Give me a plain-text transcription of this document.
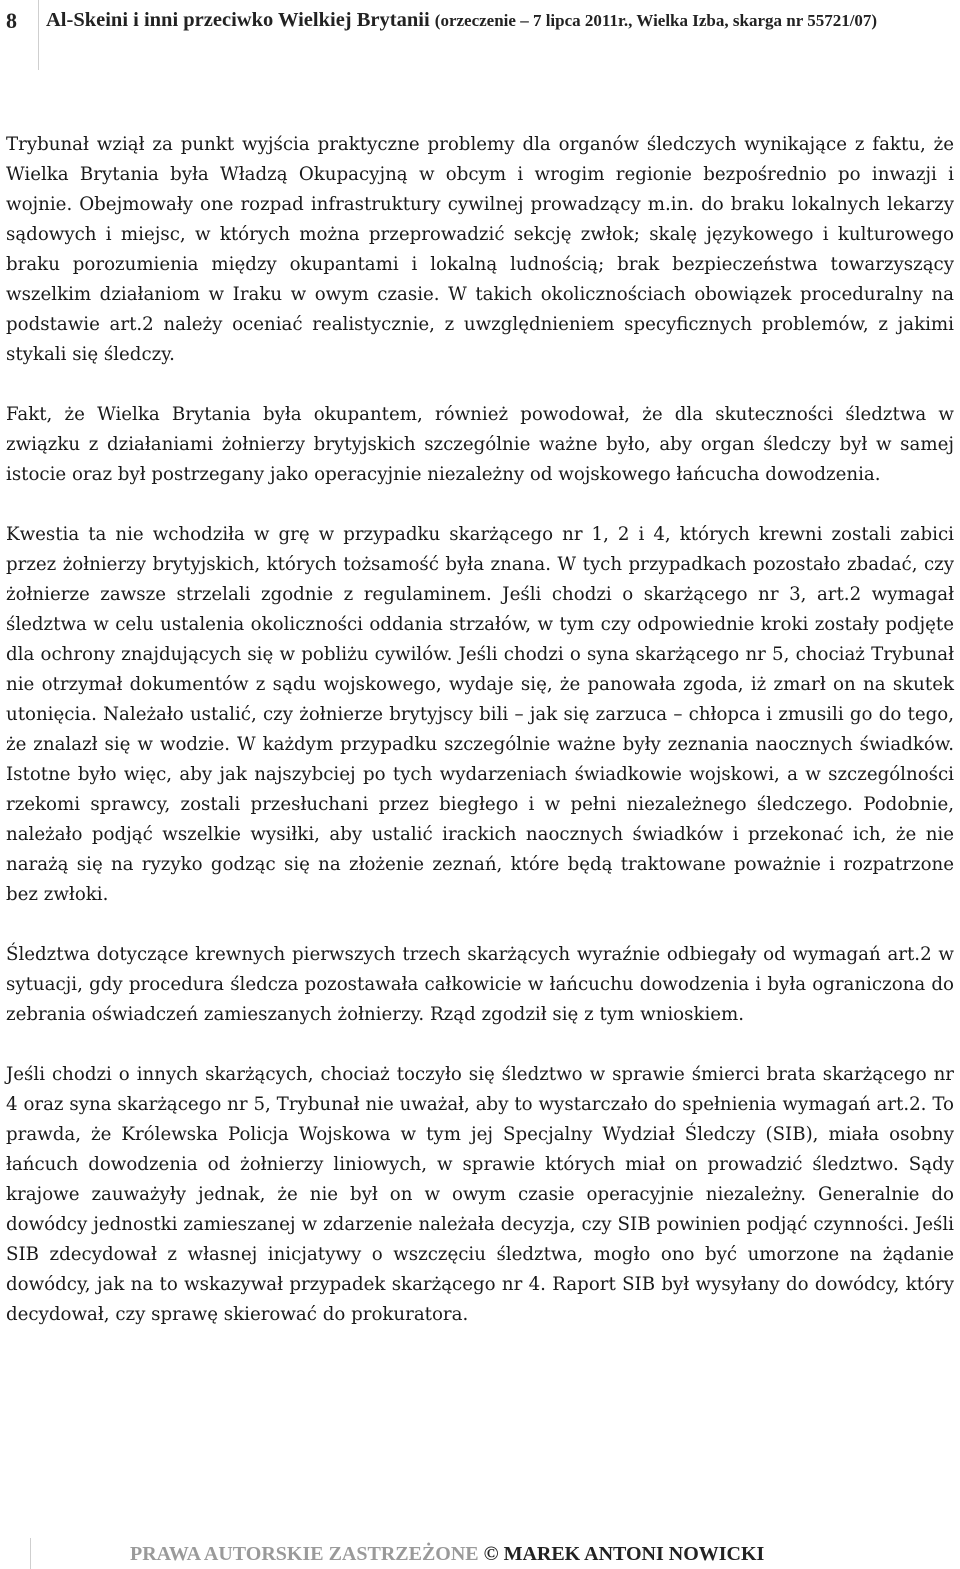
8 Al-Skeini i inni przeciwko Wielkiej Brytanii (orzeczenie – 7 lipca 2011r., Wielka Izba, skarga nr 55721/07)

Trybunał wziął za punkt wyjścia praktyczne problemy dla organów śledczych wynikające z faktu, że Wielka Brytania była Władzą Okupacyjną w obcym i wrogim regionie bezpośrednio po inwazji i wojnie. Obejmowały one rozpad infrastruktury cywilnej prowadzący m.in. do braku lokalnych lekarzy sądowych i miejsc, w których można przeprowadzić sekcję zwłok; skalę językowego i kulturowego braku porozumienia między okupantami i lokalną ludnością; brak bezpieczeństwa towarzyszący wszelkim działaniom w Iraku w owym czasie. W takich okolicznościach obowiązek proceduralny na podstawie art.2 należy oceniać realistycznie, z uwzględnieniem specyficznych problemów, z jakimi stykali się śledczy.

Fakt, że Wielka Brytania była okupantem, również powodował, że dla skuteczności śledztwa w związku z działaniami żołnierzy brytyjskich szczególnie ważne było, aby organ śledczy był w samej istocie oraz był postrzegany jako operacyjnie niezależny od wojskowego łańcucha dowodzenia.

Kwestia ta nie wchodziła w grę w przypadku skarżącego nr 1, 2 i 4, których krewni zostali zabici przez żołnierzy brytyjskich, których tożsamość była znana. W tych przypadkach pozostało zbadać, czy żołnierze zawsze strzelali zgodnie z regulaminem. Jeśli chodzi o skarżącego nr 3, art.2 wymagał śledztwa w celu ustalenia okoliczności oddania strzałów, w tym czy odpowiednie kroki zostały podjęte dla ochrony znajdujących się w pobliżu cywilów. Jeśli chodzi o syna skarżącego nr 5, chociaż Trybunał nie otrzymał dokumentów z sądu wojskowego, wydaje się, że panowała zgoda, iż zmarł on na skutek utonięcia. Należało ustalić, czy żołnierze brytyjscy bili – jak się zarzuca – chłopca i zmusili go do tego, że znalazł się w wodzie. W każdym przypadku szczególnie ważne były zeznania naocznych świadków. Istotne było więc, aby jak najszybciej po tych wydarzeniach świadkowie wojskowi, a w szczególności rzekomi sprawcy, zostali przesłuchani przez biegłego i w pełni niezależnego śledczego. Podobnie, należało podjąć wszelkie wysiłki, aby ustalić irackich naocznych świadków i przekonać ich, że nie narażą się na ryzyko godząc się na złożenie zeznań, które będą traktowane poważnie i rozpatrzone bez zwłoki.

Śledztwa dotyczące krewnych pierwszych trzech skarżących wyraźnie odbiegały od wymagań art.2 w sytuacji, gdy procedura śledcza pozostawała całkowicie w łańcuchu dowodzenia i była ograniczona do zebrania oświadczeń zamieszanych żołnierzy. Rząd zgodził się z tym wnioskiem.

Jeśli chodzi o innych skarżących, chociaż toczyło się śledztwo w sprawie śmierci brata skarżącego nr 4 oraz syna skarżącego nr 5, Trybunał nie uważał, aby to wystarczało do spełnienia wymagań art.2. To prawda, że Królewska Policja Wojskowa w tym jej Specjalny Wydział Śledczy (SIB), miała osobny łańcuch dowodzenia od żołnierzy liniowych, w sprawie których miał on prowadzić śledztwo. Sądy krajowe zauważyły jednak, że nie był on w owym czasie operacyjnie niezależny. Generalnie do dowódcy jednostki zamieszanej w zdarzenie należała decyzja, czy SIB powinien podjąć czynności. Jeśli SIB zdecydował z własnej inicjatywy o wszczęciu śledztwa, mogło ono być umorzone na żądanie dowódcy, jak na to wskazywał przypadek skarżącego nr 4. Raport SIB był wysyłany do dowódcy, który decydował, czy sprawę skierować do prokuratora.

PRAWA AUTORSKIE ZASTRZEŻONE © MAREK ANTONI NOWICKI
